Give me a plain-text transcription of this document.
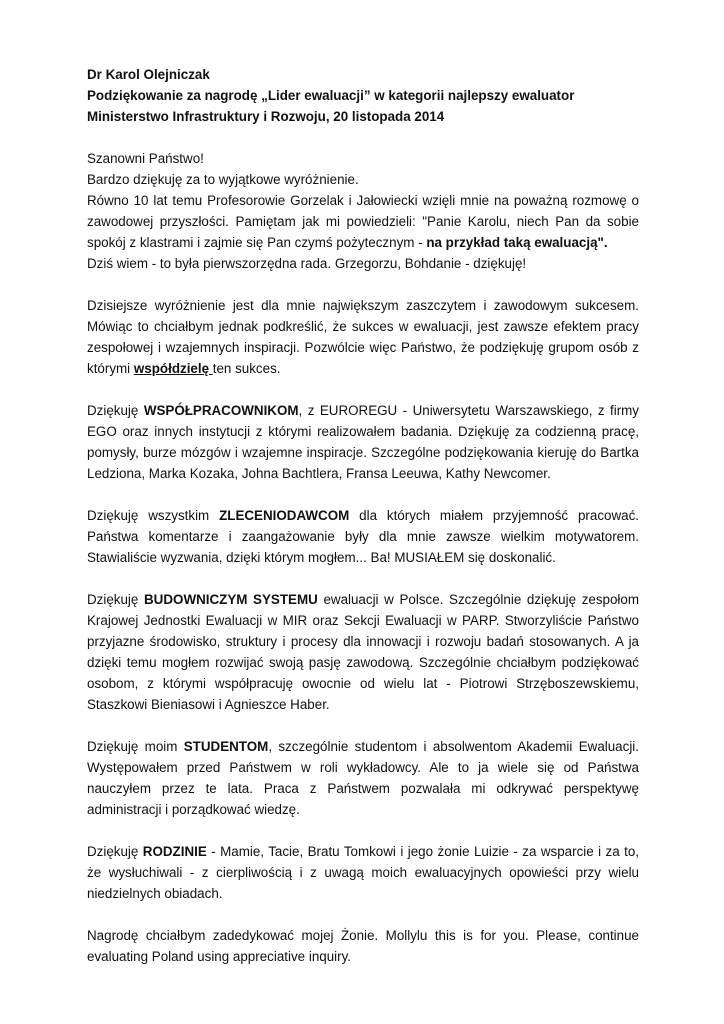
Dr Karol Olejniczak
Podziękowanie za nagrodę „Lider ewaluacji” w kategorii najlepszy ewaluator
Ministerstwo Infrastruktury i Rozwoju, 20 listopada 2014

Szanowni Państwo!

Bardzo dziękuję za to wyjątkowe wyróżnienie.

Równo 10 lat temu Profesorowie Gorzelak i Jałowiecki wzięli mnie na poważną rozmowę o zawodowej przyszłości. Pamiętam jak mi powiedzieli: "Panie Karolu, niech Pan da sobie spokój z klastrami i zajmie się Pan czymś pożytecznym - na przykład taką ewaluacją".

Dziś wiem - to była pierwszorzędna rada. Grzegorzu, Bohdanie - dziękuję!

Dzisiejsze wyróżnienie jest dla mnie największym zaszczytem i zawodowym sukcesem. Mówiąc to chciałbym jednak podkreślić, że sukces w ewaluacji, jest zawsze efektem pracy zespołowej i wzajemnych inspiracji. Pozwólcie więc Państwo, że podziękuję grupom osób z którymi współdzielę ten sukces.

Dziękuję WSPÓŁPRACOWNIKOM, z EUROREGU - Uniwersytetu Warszawskiego, z firmy EGO oraz innych instytucji z którymi realizowałem badania. Dziękuję za codzienną pracę, pomysły, burze mózgów i wzajemne inspiracje. Szczególne podziękowania kieruję do Bartka Ledziona, Marka Kozaka, Johna Bachtlera, Fransa Leeuwa, Kathy Newcomer.

Dziękuję wszystkim ZLECENIODAWCOM dla których miałem przyjemność pracować. Państwa komentarze i zaangażowanie były dla mnie zawsze wielkim motywatorem. Stawialiście wyzwania, dzięki którym mogłem... Ba! MUSIAŁEM się doskonalić.

Dziękuję BUDOWNICZYM SYSTEMU ewaluacji w Polsce. Szczególnie dziękuję zespołom Krajowej Jednostki Ewaluacji w MIR oraz Sekcji Ewaluacji w PARP. Stworzyliście Państwo przyjazne środowisko, struktury i procesy dla innowacji i rozwoju badań stosowanych. A ja dzięki temu mogłem rozwijać swoją pasję zawodową. Szczególnie chciałbym podziękować osobom, z którymi współpracuję owocnie od wielu lat - Piotrowi Strzęboszewskiemu, Staszkowi Bieniasowi i Agnieszce Haber.

Dziękuję moim STUDENTOM, szczególnie studentom i absolwentom Akademii Ewaluacji. Występowałem przed Państwem w roli wykładowcy. Ale to ja wiele się od Państwa nauczyłem przez te lata. Praca z Państwem pozwalała mi odkrywać perspektywę administracji i porządkować wiedzę.

Dziękuję RODZINIE - Mamie, Tacie, Bratu Tomkowi i jego żonie Luizie - za wsparcie i za to, że wysłuchiwali - z cierpliwością i z uwagą moich ewaluacyjnych opowieści przy wielu niedzielnych obiadach.

Nagrodę chciałbym zadedykować mojej Żonie. Mollylu this is for you. Please, continue evaluating Poland using appreciative inquiry.
